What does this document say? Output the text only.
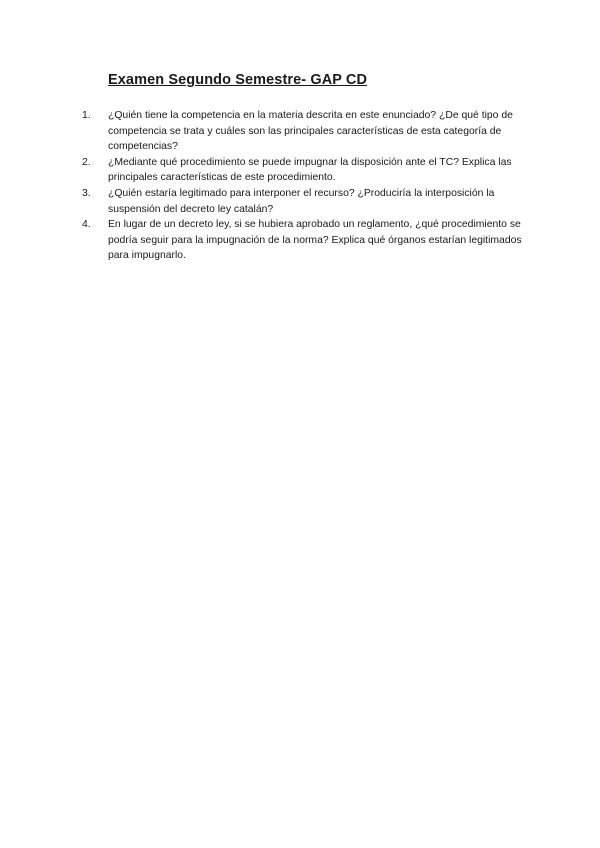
Examen Segundo Semestre- GAP CD
1.	¿Quién tiene la competencia en la materia descrita en este enunciado? ¿De qué tipo de competencia se trata y cuáles son las principales características de esta categoría de competencias?
2.	¿Mediante qué procedimiento se puede impugnar la disposición ante el TC? Explica las principales características de este procedimiento.
3.	¿Quién estaría legitimado para interponer el recurso? ¿Produciría la interposición la suspensión del decreto ley catalán?
4.	En lugar de un decreto ley, si se hubiera aprobado un reglamento, ¿qué procedimiento se podría seguir para la impugnación de la norma? Explica qué órganos estarían legitimados para impugnarlo.
